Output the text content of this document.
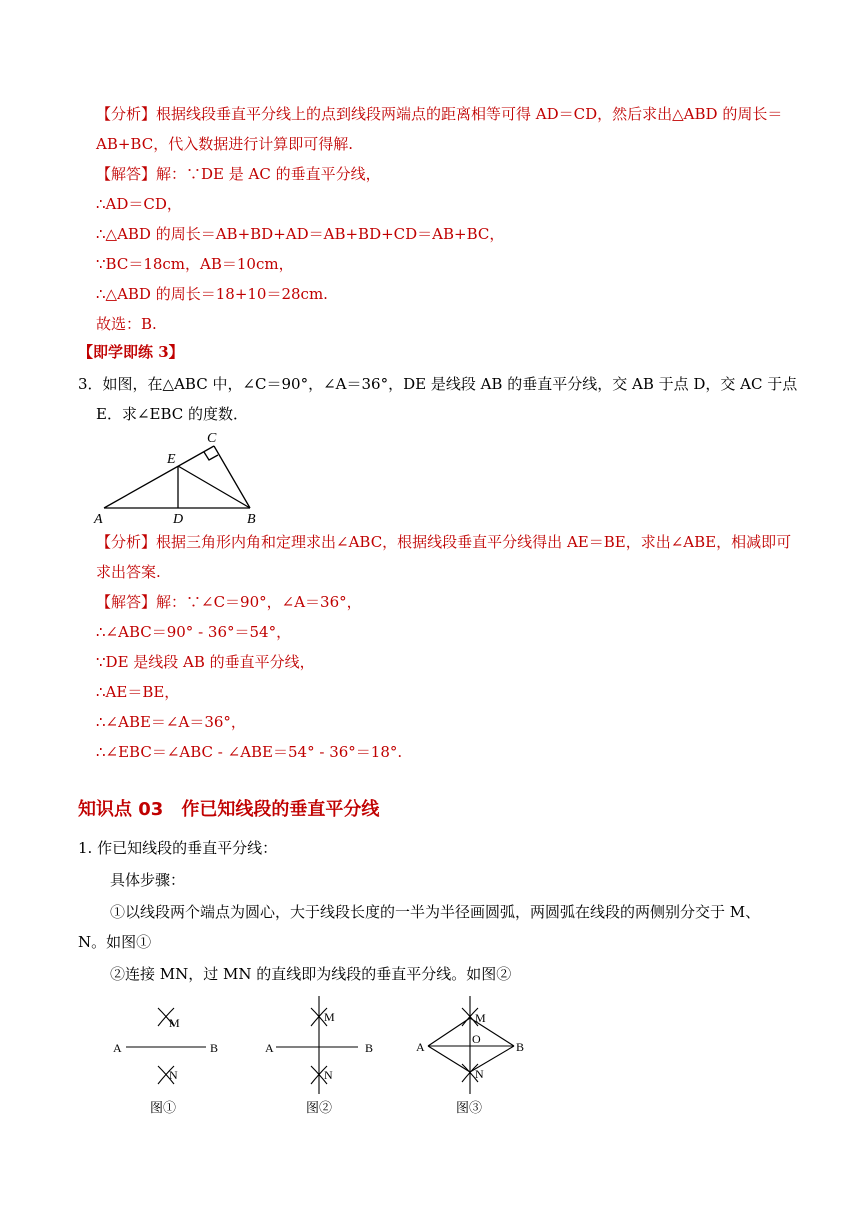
【分析】根据线段垂直平分线上的点到线段两端点的距离相等可得 AD＝CD，然后求出△ABD 的周长＝
AB+BC，代入数据进行计算即可得解.
【解答】解：∵DE 是 AC 的垂直平分线，
∴AD＝CD，
∴△ABD 的周长＝AB+BD+AD＝AB+BD+CD＝AB+BC，
∵BC＝18cm，AB＝10cm，
∴△ABD 的周长＝18+10＝28cm.
故选：B.
【即学即练 3】
3．如图，在△ABC 中，∠C＝90°，∠A＝36°，DE 是线段 AB 的垂直平分线，交 AB 于点 D，交 AC 于点
E．求∠EBC 的度数．
A	D	B
C
E
【分析】根据三角形内角和定理求出∠ABC，根据线段垂直平分线得出 AE＝BE，求出∠ABE，相减即可
求出答案.
【解答】解：∵∠C＝90°，∠A＝36°，
∴∠ABC＝90° - 36°＝54°，
∵DE 是线段 AB 的垂直平分线，
∴AE＝BE，
∴∠ABE＝∠A＝36°，
∴∠EBC＝∠ABC - ∠ABE＝54° - 36°＝18°.
知识点 03　作已知线段的垂直平分线
1. 作已知线段的垂直平分线：
具体步骤：
①以线段两个端点为圆心，大于线段长度的一半为半径画圆弧，两圆弧在线段的两侧别分交于 M、
N。如图①
②连接 MN，过 MN 的直线即为线段的垂直平分线。如图②
A	B
M
N
图①
A	B
M
N
图②
A	B
M
N
O
图③
